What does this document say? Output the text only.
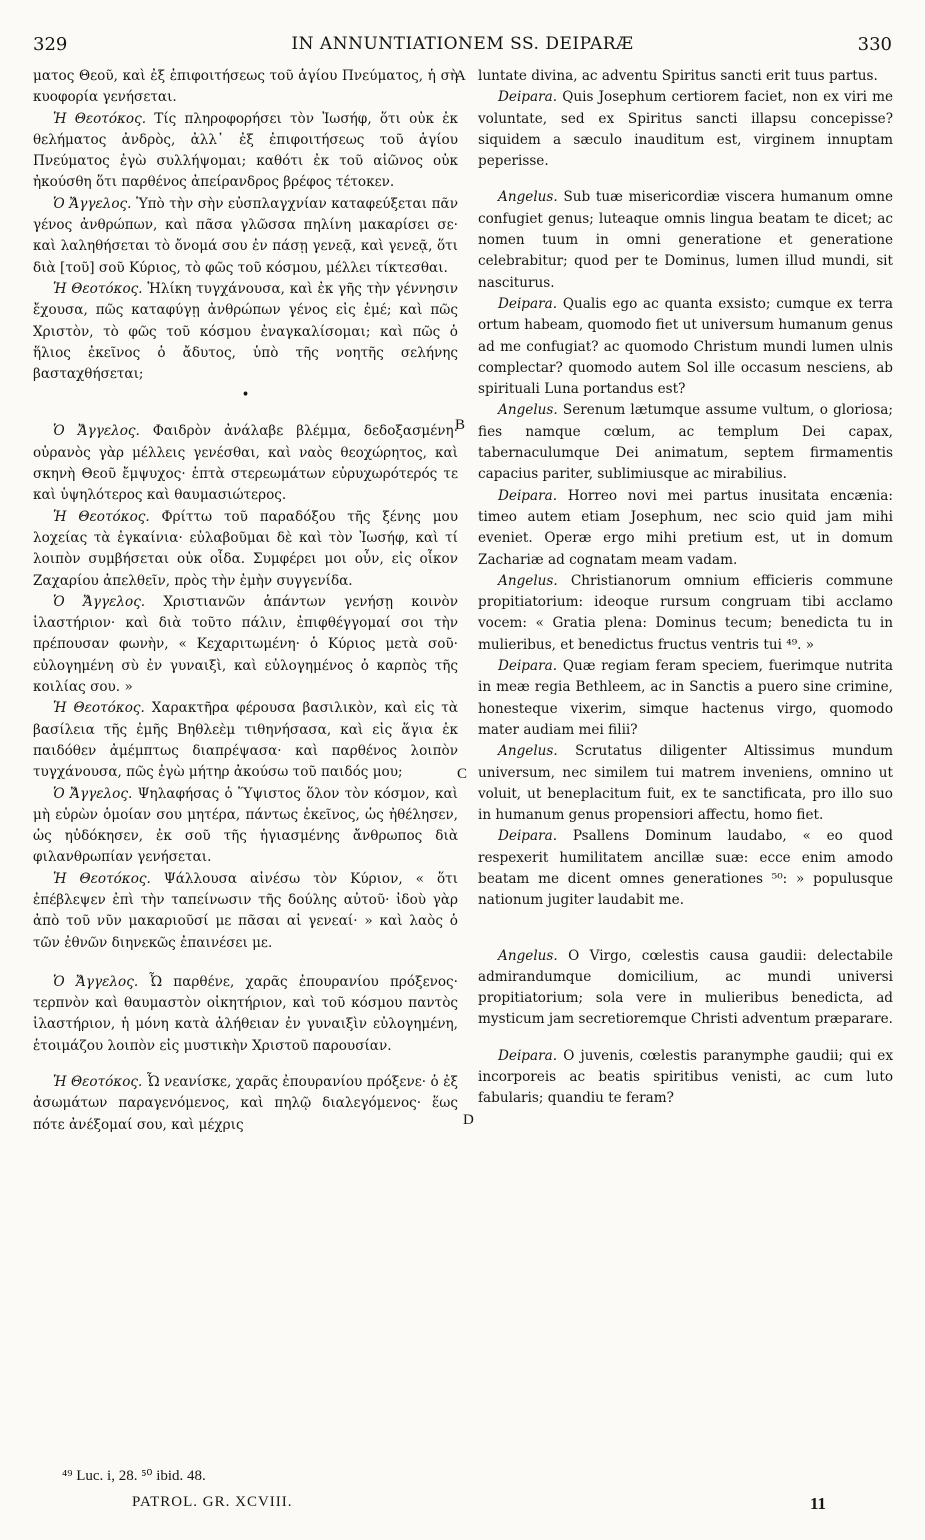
329	IN ANNUNTIATIONEM SS. DEIPARÆ	330

ματος Θεοῦ, καὶ ἐξ ἐπιφοιτήσεως τοῦ ἁγίου Πνεύματος, ἡ σὴ κυοφορία γενήσεται.

Ἡ Θεοτόκος. Τίς πληροφορήσει τὸν Ἰωσήφ, ὅτι οὐκ ἐκ θελήματος ἀνδρὸς, ἀλλ᾽ ἐξ ἐπιφοιτήσεως τοῦ ἁγίου Πνεύματος ἐγὼ συλλήψομαι; καθότι ἐκ τοῦ αἰῶνος οὐκ ἠκούσθη ὅτι παρθένος ἀπείρανδρος βρέφος τέτοκεν.

Ὁ Ἄγγελος. Ὑπὸ τὴν σὴν εὐσπλαγχνίαν καταφεύξεται πᾶν γένος ἀνθρώπων, καὶ πᾶσα γλῶσσα πηλίνη μακαρίσει σε· καὶ λαληθήσεται τὸ ὄνομά σου ἐν πάσῃ γενεᾷ, καὶ γενεᾷ, ὅτι διὰ [τοῦ] σοῦ Κύριος, τὸ φῶς τοῦ κόσμου, μέλλει τίκτεσθαι.

Ἡ Θεοτόκος. Ἡλίκη τυγχάνουσα, καὶ ἐκ γῆς τὴν γέννησιν ἔχουσα, πῶς καταφύγῃ ἀνθρώπων γένος εἰς ἐμέ; καὶ πῶς Χριστὸν, τὸ φῶς τοῦ κόσμου ἐναγκαλίσομαι; καὶ πῶς ὁ ἥλιος ἐκεῖνος ὁ ἄδυτος, ὑπὸ τῆς νοητῆς σελήνης βασταχθήσεται;

•

Ὁ Ἄγγελος. Φαιδρὸν ἀνάλαβε βλέμμα, δεδοξασμένη· οὐρανὸς γὰρ μέλλεις γενέσθαι, καὶ ναὸς θεοχώρητος, καὶ σκηνὴ Θεοῦ ἔμψυχος· ἑπτὰ στερεωμάτων εὐρυχωρότερός τε καὶ ὑψηλότερος καὶ θαυμασιώτερος.

Ἡ Θεοτόκος. Φρίττω τοῦ παραδόξου τῆς ξένης μου λοχείας τὰ ἐγκαίνια· εὐλαβοῦμαι δὲ καὶ τὸν Ἰωσήφ, καὶ τί λοιπὸν συμβήσεται οὐκ οἶδα. Συμφέρει μοι οὖν, εἰς οἶκον Ζαχαρίου ἀπελθεῖν, πρὸς τὴν ἐμὴν συγγενίδα.

Ὁ Ἄγγελος. Χριστιανῶν ἁπάντων γενήσῃ κοινὸν ἱλαστήριον· καὶ διὰ τοῦτο πάλιν, ἐπιφθέγγομαί σοι τὴν πρέπουσαν φωνὴν, « Κεχαριτωμένη· ὁ Κύριος μετὰ σοῦ· εὐλογημένη σὺ ἐν γυναιξὶ, καὶ εὐλογημένος ὁ καρπὸς τῆς κοιλίας σου. »

Ἡ Θεοτόκος. Χαρακτῆρα φέρουσα βασιλικὸν, καὶ εἰς τὰ βασίλεια τῆς ἐμῆς Βηθλεὲμ τιθηνήσασα, καὶ εἰς ἅγια ἐκ παιδόθεν ἀμέμπτως διαπρέψασα· καὶ παρθένος λοιπὸν τυγχάνουσα, πῶς ἐγὼ μήτηρ ἀκούσω τοῦ παιδός μου;

Ὁ Ἄγγελος. Ψηλαφήσας ὁ Ὕψιστος ὅλον τὸν κόσμον, καὶ μὴ εὑρὼν ὁμοίαν σου μητέρα, πάντως ἐκεῖνος, ὡς ἠθέλησεν, ὡς ηὐδόκησεν, ἐκ σοῦ τῆς ἡγιασμένης ἄνθρωπος διὰ φιλανθρωπίαν γενήσεται.

Ἡ Θεοτόκος. Ψάλλουσα αἰνέσω τὸν Κύριον, « ὅτι ἐπέβλεψεν ἐπὶ τὴν ταπείνωσιν τῆς δούλης αὐτοῦ· ἰδοὺ γὰρ ἀπὸ τοῦ νῦν μακαριοῦσί με πᾶσαι αἱ γενεαί· » καὶ λαὸς ὁ τῶν ἐθνῶν διηνεκῶς ἐπαινέσει με.

Ὁ Ἄγγελος. Ὦ παρθένε, χαρᾶς ἐπουρανίου πρόξενος· τερπνὸν καὶ θαυμαστὸν οἰκητήριον, καὶ τοῦ κόσμου παντὸς ἱλαστήριον, ἡ μόνη κατὰ ἀλήθειαν ἐν γυναιξὶν εὐλογημένη, ἑτοιμάζου λοιπὸν εἰς μυστικὴν Χριστοῦ παρουσίαν.

Ἡ Θεοτόκος. Ὦ νεανίσκε, χαρᾶς ἐπουρανίου πρόξενε· ὁ ἐξ ἀσωμάτων παραγενόμενος, καὶ πηλῷ διαλεγόμενος· ἕως πότε ἀνέξομαί σου, καὶ μέχρις

A
B
C
D

luntate divina, ac adventu Spiritus sancti erit tuus partus.

Deipara. Quis Josephum certiorem faciet, non ex viri me voluntate, sed ex Spiritus sancti illapsu concepisse? siquidem a sæculo inauditum est, virginem innuptam peperisse.

Angelus. Sub tuæ misericordiæ viscera humanum omne confugiet genus; luteaque omnis lingua beatam te dicet; ac nomen tuum in omni generatione et generatione celebrabitur; quod per te Dominus, lumen illud mundi, sit nasciturus.

Deipara. Qualis ego ac quanta exsisto; cumque ex terra ortum habeam, quomodo fiet ut universum humanum genus ad me confugiat? ac quomodo Christum mundi lumen ulnis complectar? quomodo autem Sol ille occasum nesciens, ab spirituali Luna portandus est?

Angelus. Serenum lætumque assume vultum, o gloriosa; fies namque cœlum, ac templum Dei capax, tabernaculumque Dei animatum, septem firmamentis capacius pariter, sublimiusque ac mirabilius.

Deipara. Horreo novi mei partus inusitata encænia: timeo autem etiam Josephum, nec scio quid jam mihi eveniet. Operæ ergo mihi pretium est, ut in domum Zachariæ ad cognatam meam vadam.

Angelus. Christianorum omnium efficieris commune propitiatorium: ideoque rursum congruam tibi acclamo vocem: « Gratia plena: Dominus tecum; benedicta tu in mulieribus, et benedictus fructus ventris tui ⁴⁹. »

Deipara. Quæ regiam feram speciem, fuerimque nutrita in meæ regia Bethleem, ac in Sanctis a puero sine crimine, honesteque vixerim, simque hactenus virgo, quomodo mater audiam mei filii?

Angelus. Scrutatus diligenter Altissimus mundum universum, nec similem tui matrem inveniens, omnino ut voluit, ut beneplacitum fuit, ex te sanctificata, pro illo suo in humanum genus propensiori affectu, homo fiet.

Deipara. Psallens Dominum laudabo, « eo quod respexerit humilitatem ancillæ suæ: ecce enim amodo beatam me dicent omnes generationes ⁵⁰: » populusque nationum jugiter laudabit me.

Angelus. O Virgo, cœlestis causa gaudii: delectabile admirandumque domicilium, ac mundi universi propitiatorium; sola vere in mulieribus benedicta, ad mysticum jam secretioremque Christi adventum præparare.

Deipara. O juvenis, cœlestis paranymphe gaudii; qui ex incorporeis ac beatis spiritibus venisti, ac cum luto fabularis; quandiu te feram?

⁴⁹ Luc. i, 28. ⁵⁰ ibid. 48.
PATROL. GR. XCVIII.	11
